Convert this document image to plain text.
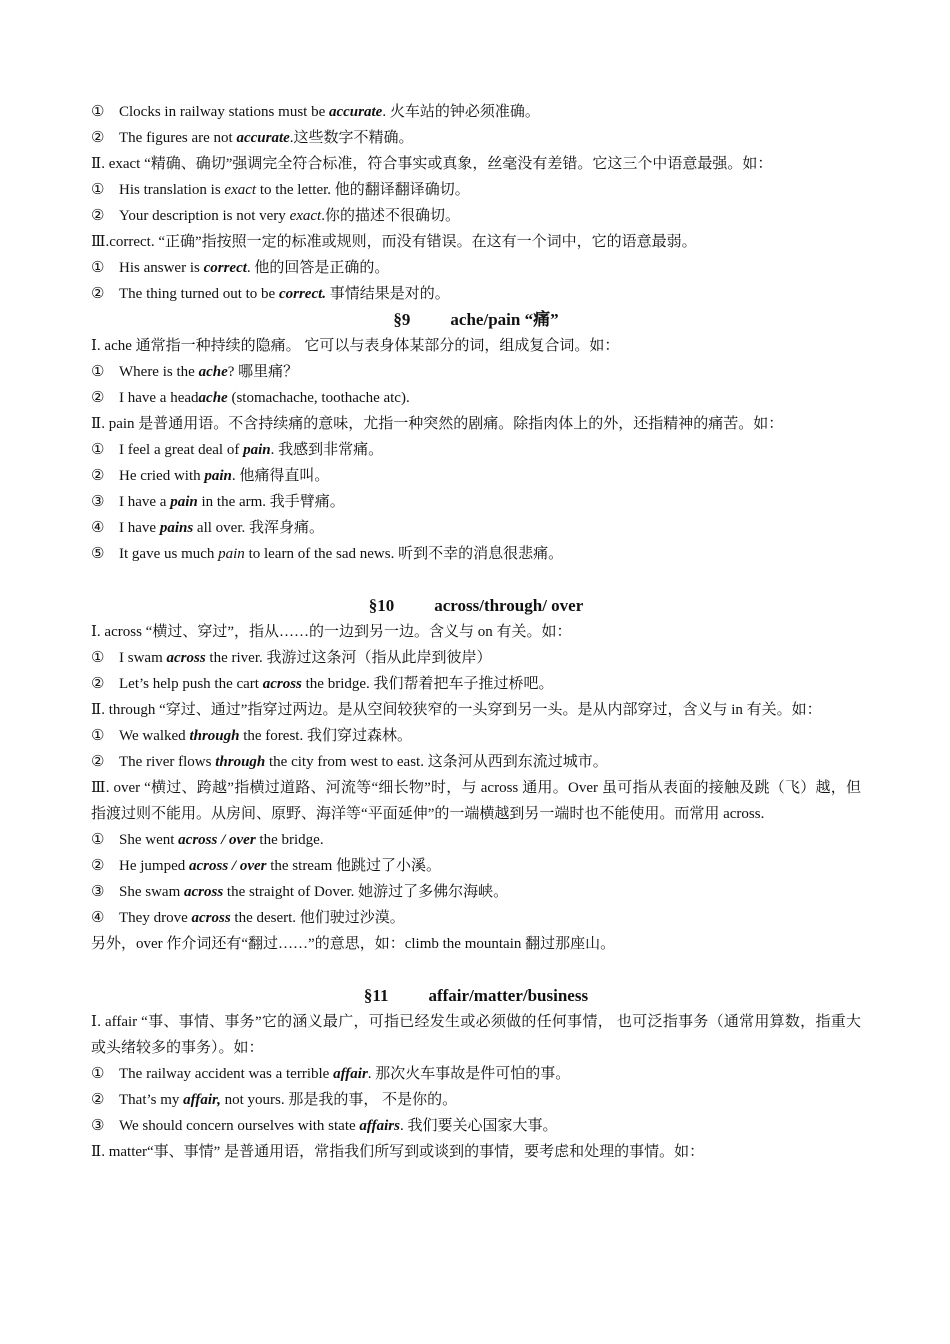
① Clocks in railway stations must be accurate. 火车站的钟必须准确。
② The figures are not accurate.这些数字不精确。
Ⅱ. exact “精确、确切”强调完全符合标准，符合事实或真象，丝毫没有差错。它这三个中语意最强。如：
① His translation is exact to the letter. 他的翻译翻译确切。
② Your description is not very exact.你的描述不很确切。
Ⅲ.correct. “正确”指按照一定的标准或规则，而没有错误。在这有一个词中，它的语意最弱。
① His answer is correct. 他的回答是正确的。
② The thing turned out to be correct. 事情结果是对的。
§9 ache/pain “痛”
Ⅰ. ache 通常指一种持续的隐痛。 它可以与表身体某部分的词，组成复合词。如：
① Where is the ache? 哪里痛？
② I have a headache (stomachache, toothache atc).
Ⅱ. pain 是普通用语。不含持续痛的意味，尤指一种突然的剧痛。除指肉体上的外，还指精神的痛苦。如：
① I feel a great deal of pain. 我感到非常痛。
② He cried with pain. 他痛得直叫。
③ I have a pain in the arm. 我手臂痛。
④ I have pains all over. 我浑身痛。
⑤ It gave us much pain to learn of the sad news. 听到不幸的消息很悲痛。
§10 across/through/ over
Ⅰ. across “横过、穿过”，指从……的一边到另一边。含义与 on 有关。如：
① I swam across the river. 我游过这条河（指从此岸到彼岸）
② Let’s help push the cart across the bridge. 我们帮着把车子推过桥吧。
Ⅱ. through “穿过、通过”指穿过两边。是从空间较狭窄的一头穿到另一头。是从内部穿过，含义与 in 有关。如：
① We walked through the forest. 我们穿过森林。
② The river flows through the city from west to east. 这条河从西到东流过城市。
Ⅲ. over “横过、跨越”指横过道路、河流等“细长物”时，与 across 通用。Over 虽可指从表面的接触及跳（飞）越，但指渡过则不能用。从房间、原野、海洋等“平面延伸”的一端横越到另一端时也不能使用。而常用 across.
① She went across / over the bridge.
② He jumped across / over the stream 他跳过了小溪。
③ She swam across the straight of Dover. 她游过了多佛尔海峡。
④ They drove across the desert. 他们驶过沙漠。
另外，over 作介词还有“翻过……”的意思，如：climb the mountain 翻过那座山。
§11 affair/matter/business
Ⅰ. affair “事、事情、事务”它的涵义最广，可指已经发生或必须做的任何事情， 也可泛指事务（通常用算数，指重大或头绪较多的事务）。如：
① The railway accident was a terrible affair. 那次火车事故是件可怕的事。
② That’s my affair, not yours. 那是我的事， 不是你的。
③ We should concern ourselves with state affairs. 我们要关心国家大事。
Ⅱ. matter“事、事情” 是普通用语，常指我们所写到或谈到的事情，要考虑和处理的事情。如：
